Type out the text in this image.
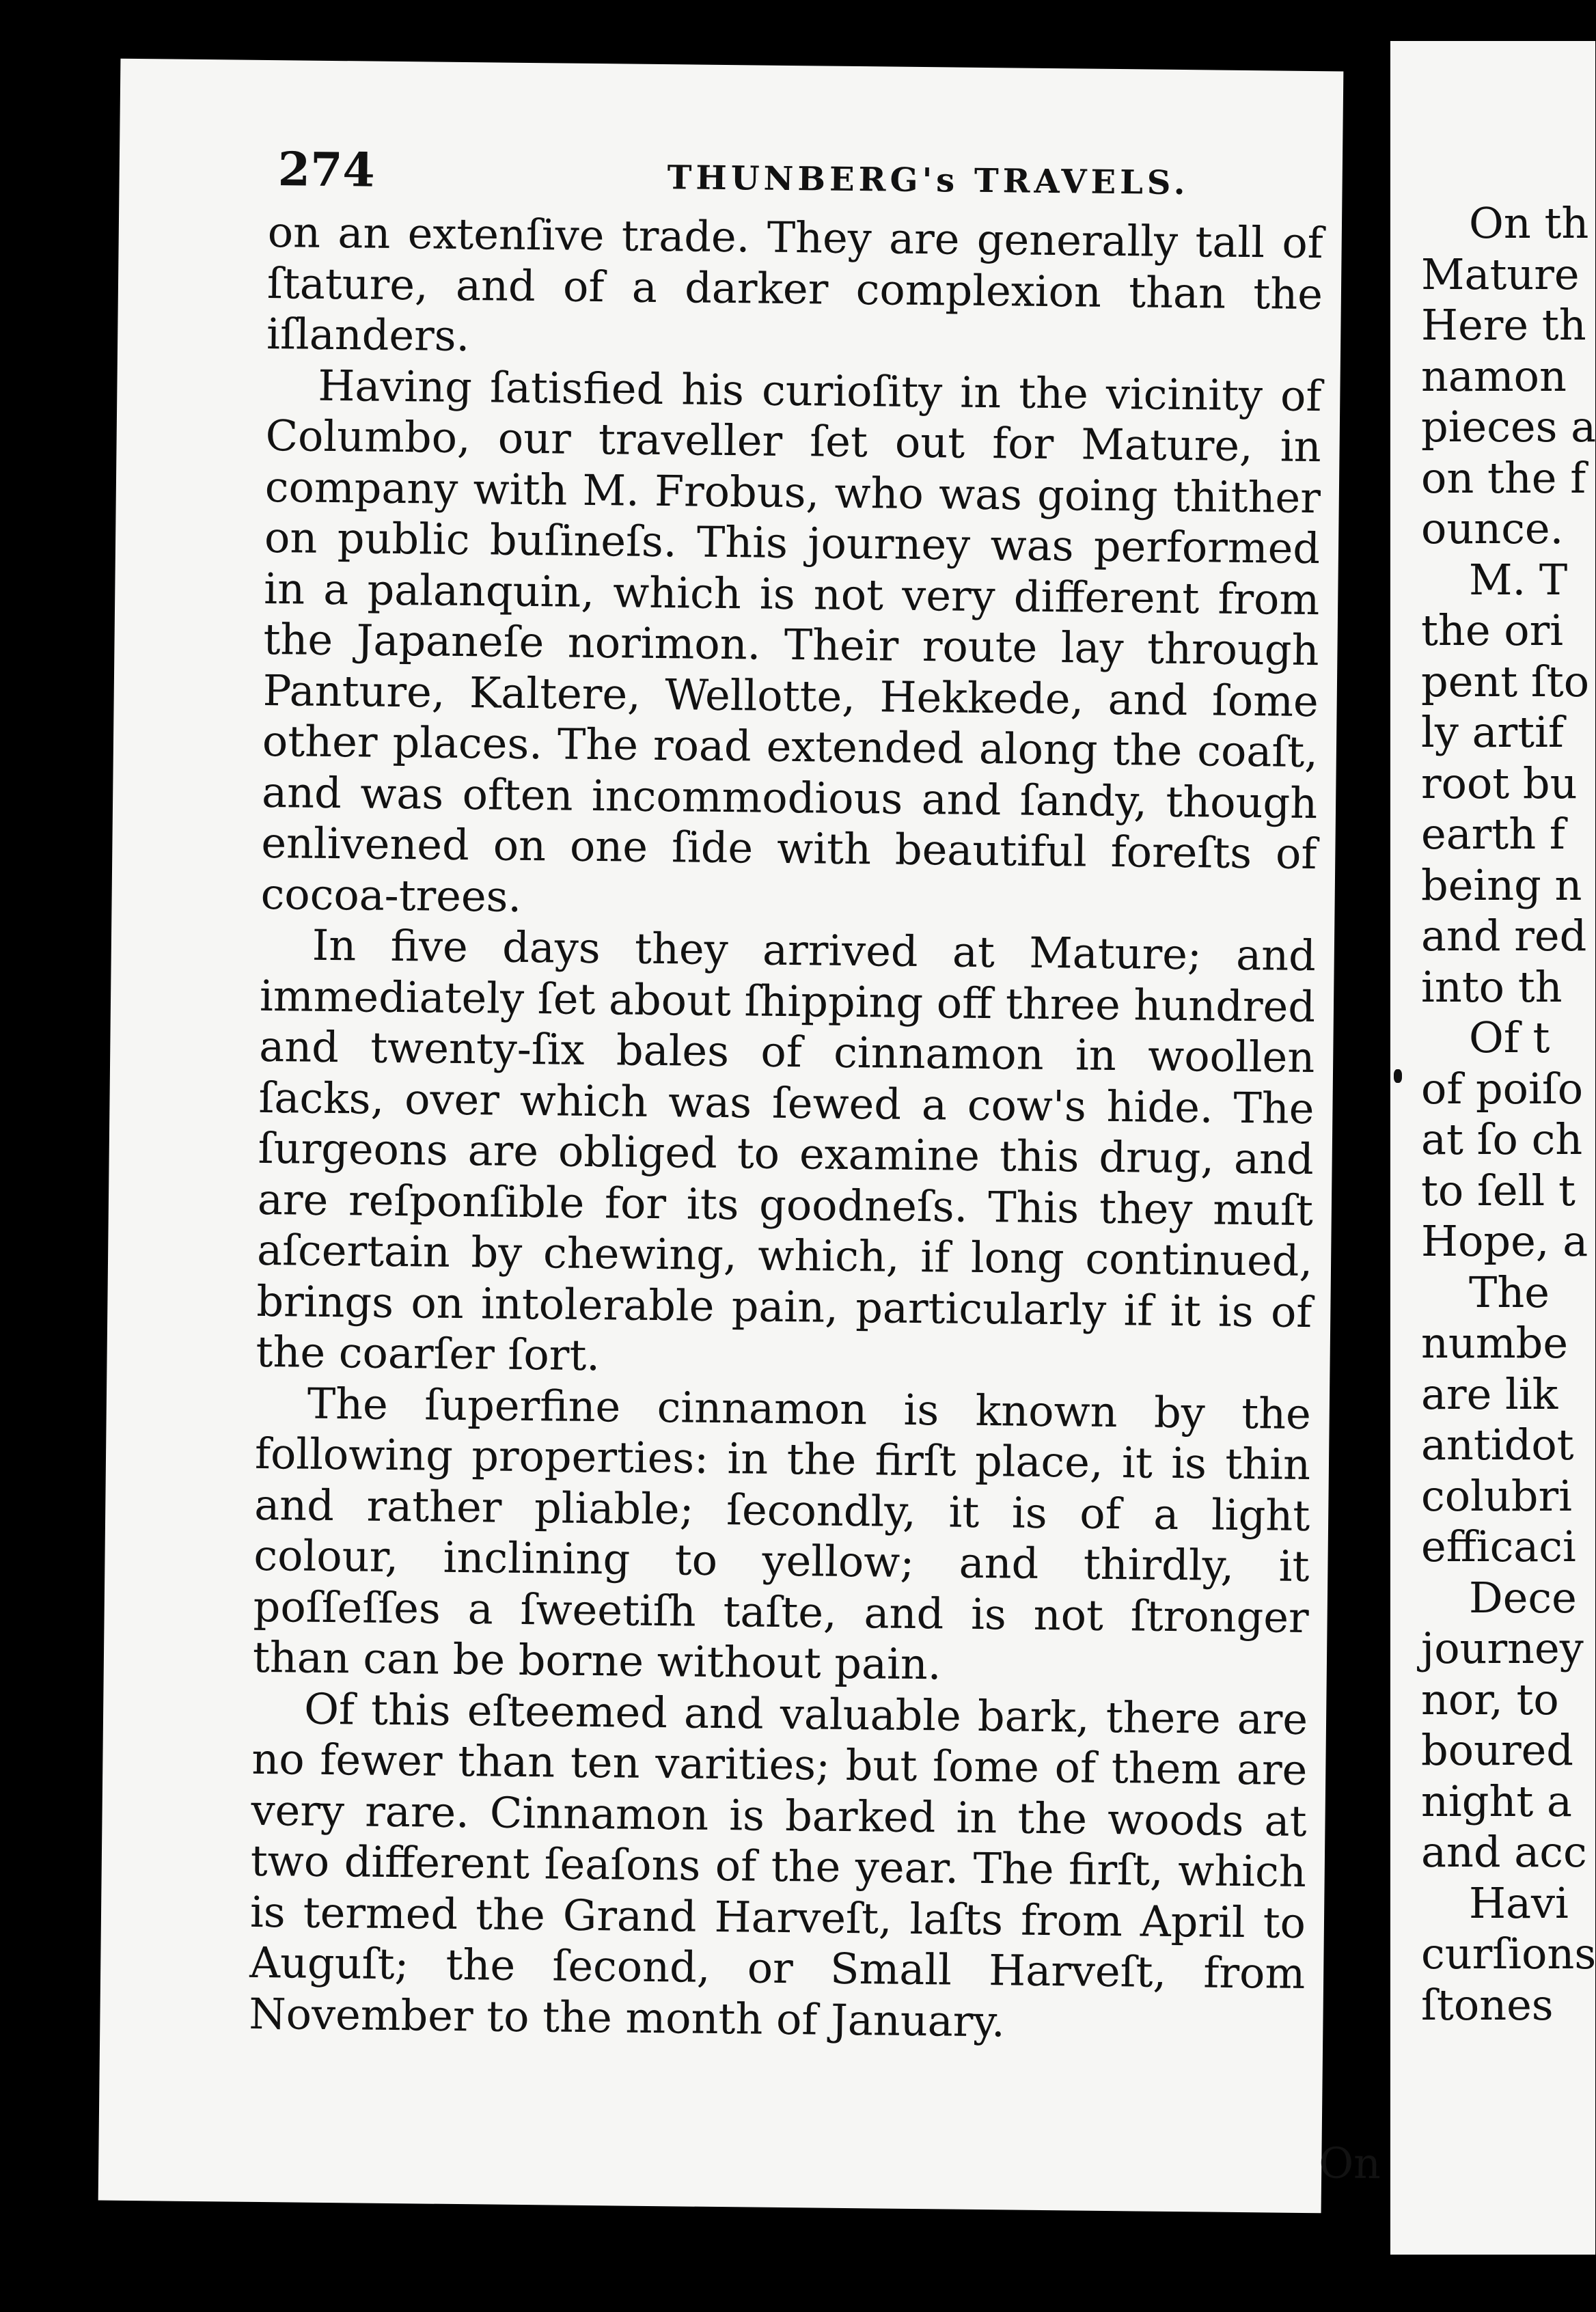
274	THUNBERG's TRAVELS.

on an extenſive trade. They are generally tall of ſtature, and of a darker complexion than the iſlanders.

Having ſatisfied his curioſity in the vicinity of Columbo, our traveller ſet out for Mature, in company with M. Frobus, who was going thither on public buſineſs. This journey was performed in a palanquin, which is not very different from the Japaneſe norimon. Their route lay through Panture, Kaltere, Wellotte, Hekkede, and ſome other places. The road extended along the coaſt, and was often incommodious and ſandy, though enlivened on one ſide with beautiful foreſts of cocoa-trees.

In five days they arrived at Mature; and immediately ſet about ſhipping off three hundred and twenty-ſix bales of cinnamon in woollen ſacks, over which was ſewed a cow's hide. The ſurgeons are obliged to examine this drug, and are reſponſible for its goodneſs. This they muſt aſcertain by chewing, which, if long continued, brings on intolerable pain, particularly if it is of the coarſer ſort.

The ſuperfine cinnamon is known by the following properties: in the firſt place, it is thin and rather pliable; ſecondly, it is of a light colour, inclining to yellow; and thirdly, it poſſeſſes a ſweetiſh taſte, and is not ſtronger than can be borne without pain.

Of this eſteemed and valuable bark, there are no fewer than ten varities; but ſome of them are very rare. Cinnamon is barked in the woods at two different ſeaſons of the year. The firſt, which is termed the Grand Harveſt, laſts from April to Auguſt; the ſecond, or Small Harveſt, from November to the month of January.

On
On th
Mature
Here th
namon
pieces a
on the f
ounce.
M. T
the ori
pent ſto
ly artif
root bu
earth f
being n
and red
into th
Of t
of poiſo
at ſo ch
to ſell t
Hope, a
The
numbe
are lik
antidot
colubri
efficaci
Dece
journey
nor, to
boured
night a
and acc
Havi
curſions
ſtones
